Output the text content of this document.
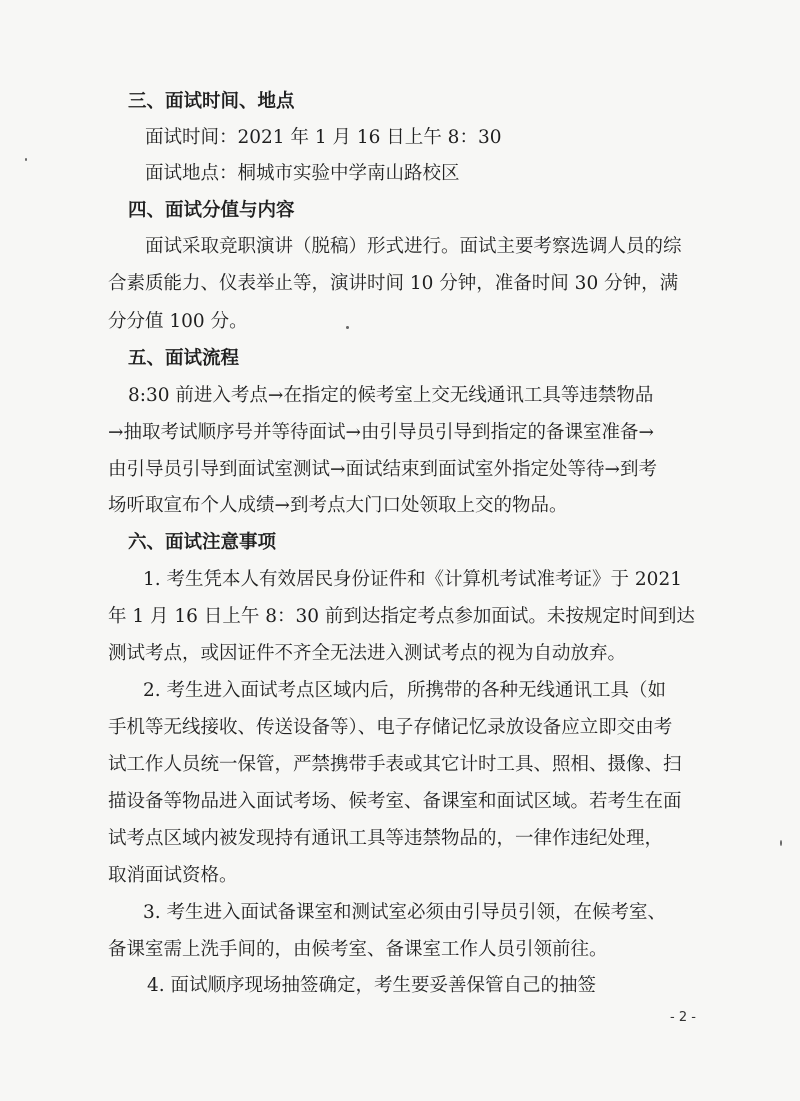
三、面试时间、地点
面试时间：2021 年 1 月 16 日上午 8：30
面试地点：桐城市实验中学南山路校区
四、面试分值与内容
面试采取竞职演讲（脱稿）形式进行。面试主要考察选调人员的综
合素质能力、仪表举止等，演讲时间 10 分钟，准备时间 30 分钟，满
分分值 100 分。
五、面试流程
8:30 前进入考点→在指定的候考室上交无线通讯工具等违禁物品
→抽取考试顺序号并等待面试→由引导员引导到指定的备课室准备→
由引导员引导到面试室测试→面试结束到面试室外指定处等待→到考
场听取宣布个人成绩→到考点大门口处领取上交的物品。
六、面试注意事项
1. 考生凭本人有效居民身份证件和《计算机考试准考证》于 2021
年 1 月 16 日上午 8：30 前到达指定考点参加面试。未按规定时间到达
测试考点，或因证件不齐全无法进入测试考点的视为自动放弃。
2. 考生进入面试考点区域内后，所携带的各种无线通讯工具（如
手机等无线接收、传送设备等）、电子存储记忆录放设备应立即交由考
试工作人员统一保管，严禁携带手表或其它计时工具、照相、摄像、扫
描设备等物品进入面试考场、候考室、备课室和面试区域。若考生在面
试考点区域内被发现持有通讯工具等违禁物品的，一律作违纪处理，
取消面试资格。
3. 考生进入面试备课室和测试室必须由引导员引领，在候考室、
备课室需上洗手间的，由候考室、备课室工作人员引领前往。
4. 面试顺序现场抽签确定，考生要妥善保管自己的抽签
- 2 -
